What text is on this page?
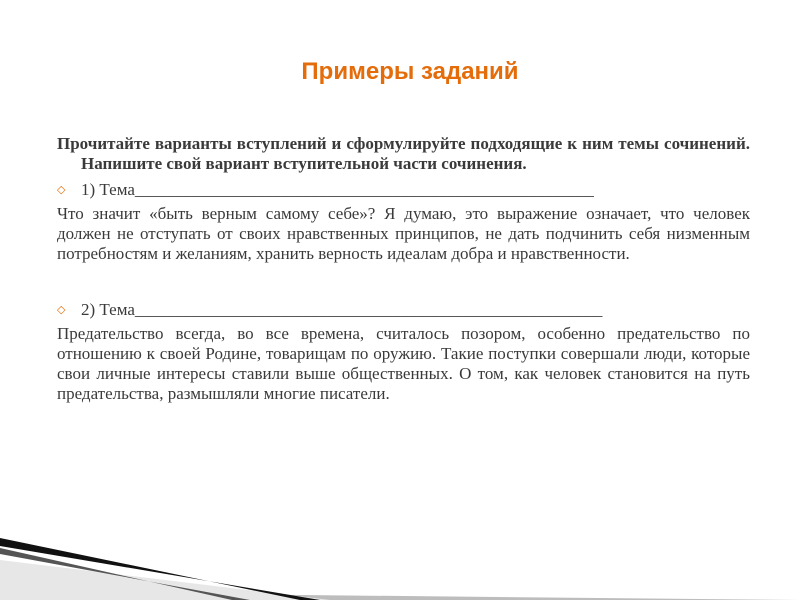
Примеры заданий

Прочитайте варианты вступлений и сформулируйте подходящие к ним темы сочинений. Напишите свой вариант вступительной части сочинения.

◇ 1) Тема______________________________________________________

Что значит «быть верным самому себе»? Я думаю, это выражение означает, что человек должен не отступать от своих нравственных принципов, не дать подчинить себя низменным потребностям и желаниям, хранить верность идеалам добра и нравственности.

◇ 2) Тема_______________________________________________________

Предательство всегда, во все времена, считалось позором, особенно предательство по отношению к своей Родине, товарищам по оружию. Такие поступки совершали люди, которые свои личные интересы ставили выше общественных. О том, как человек становится на путь предательства, размышляли многие писатели.
